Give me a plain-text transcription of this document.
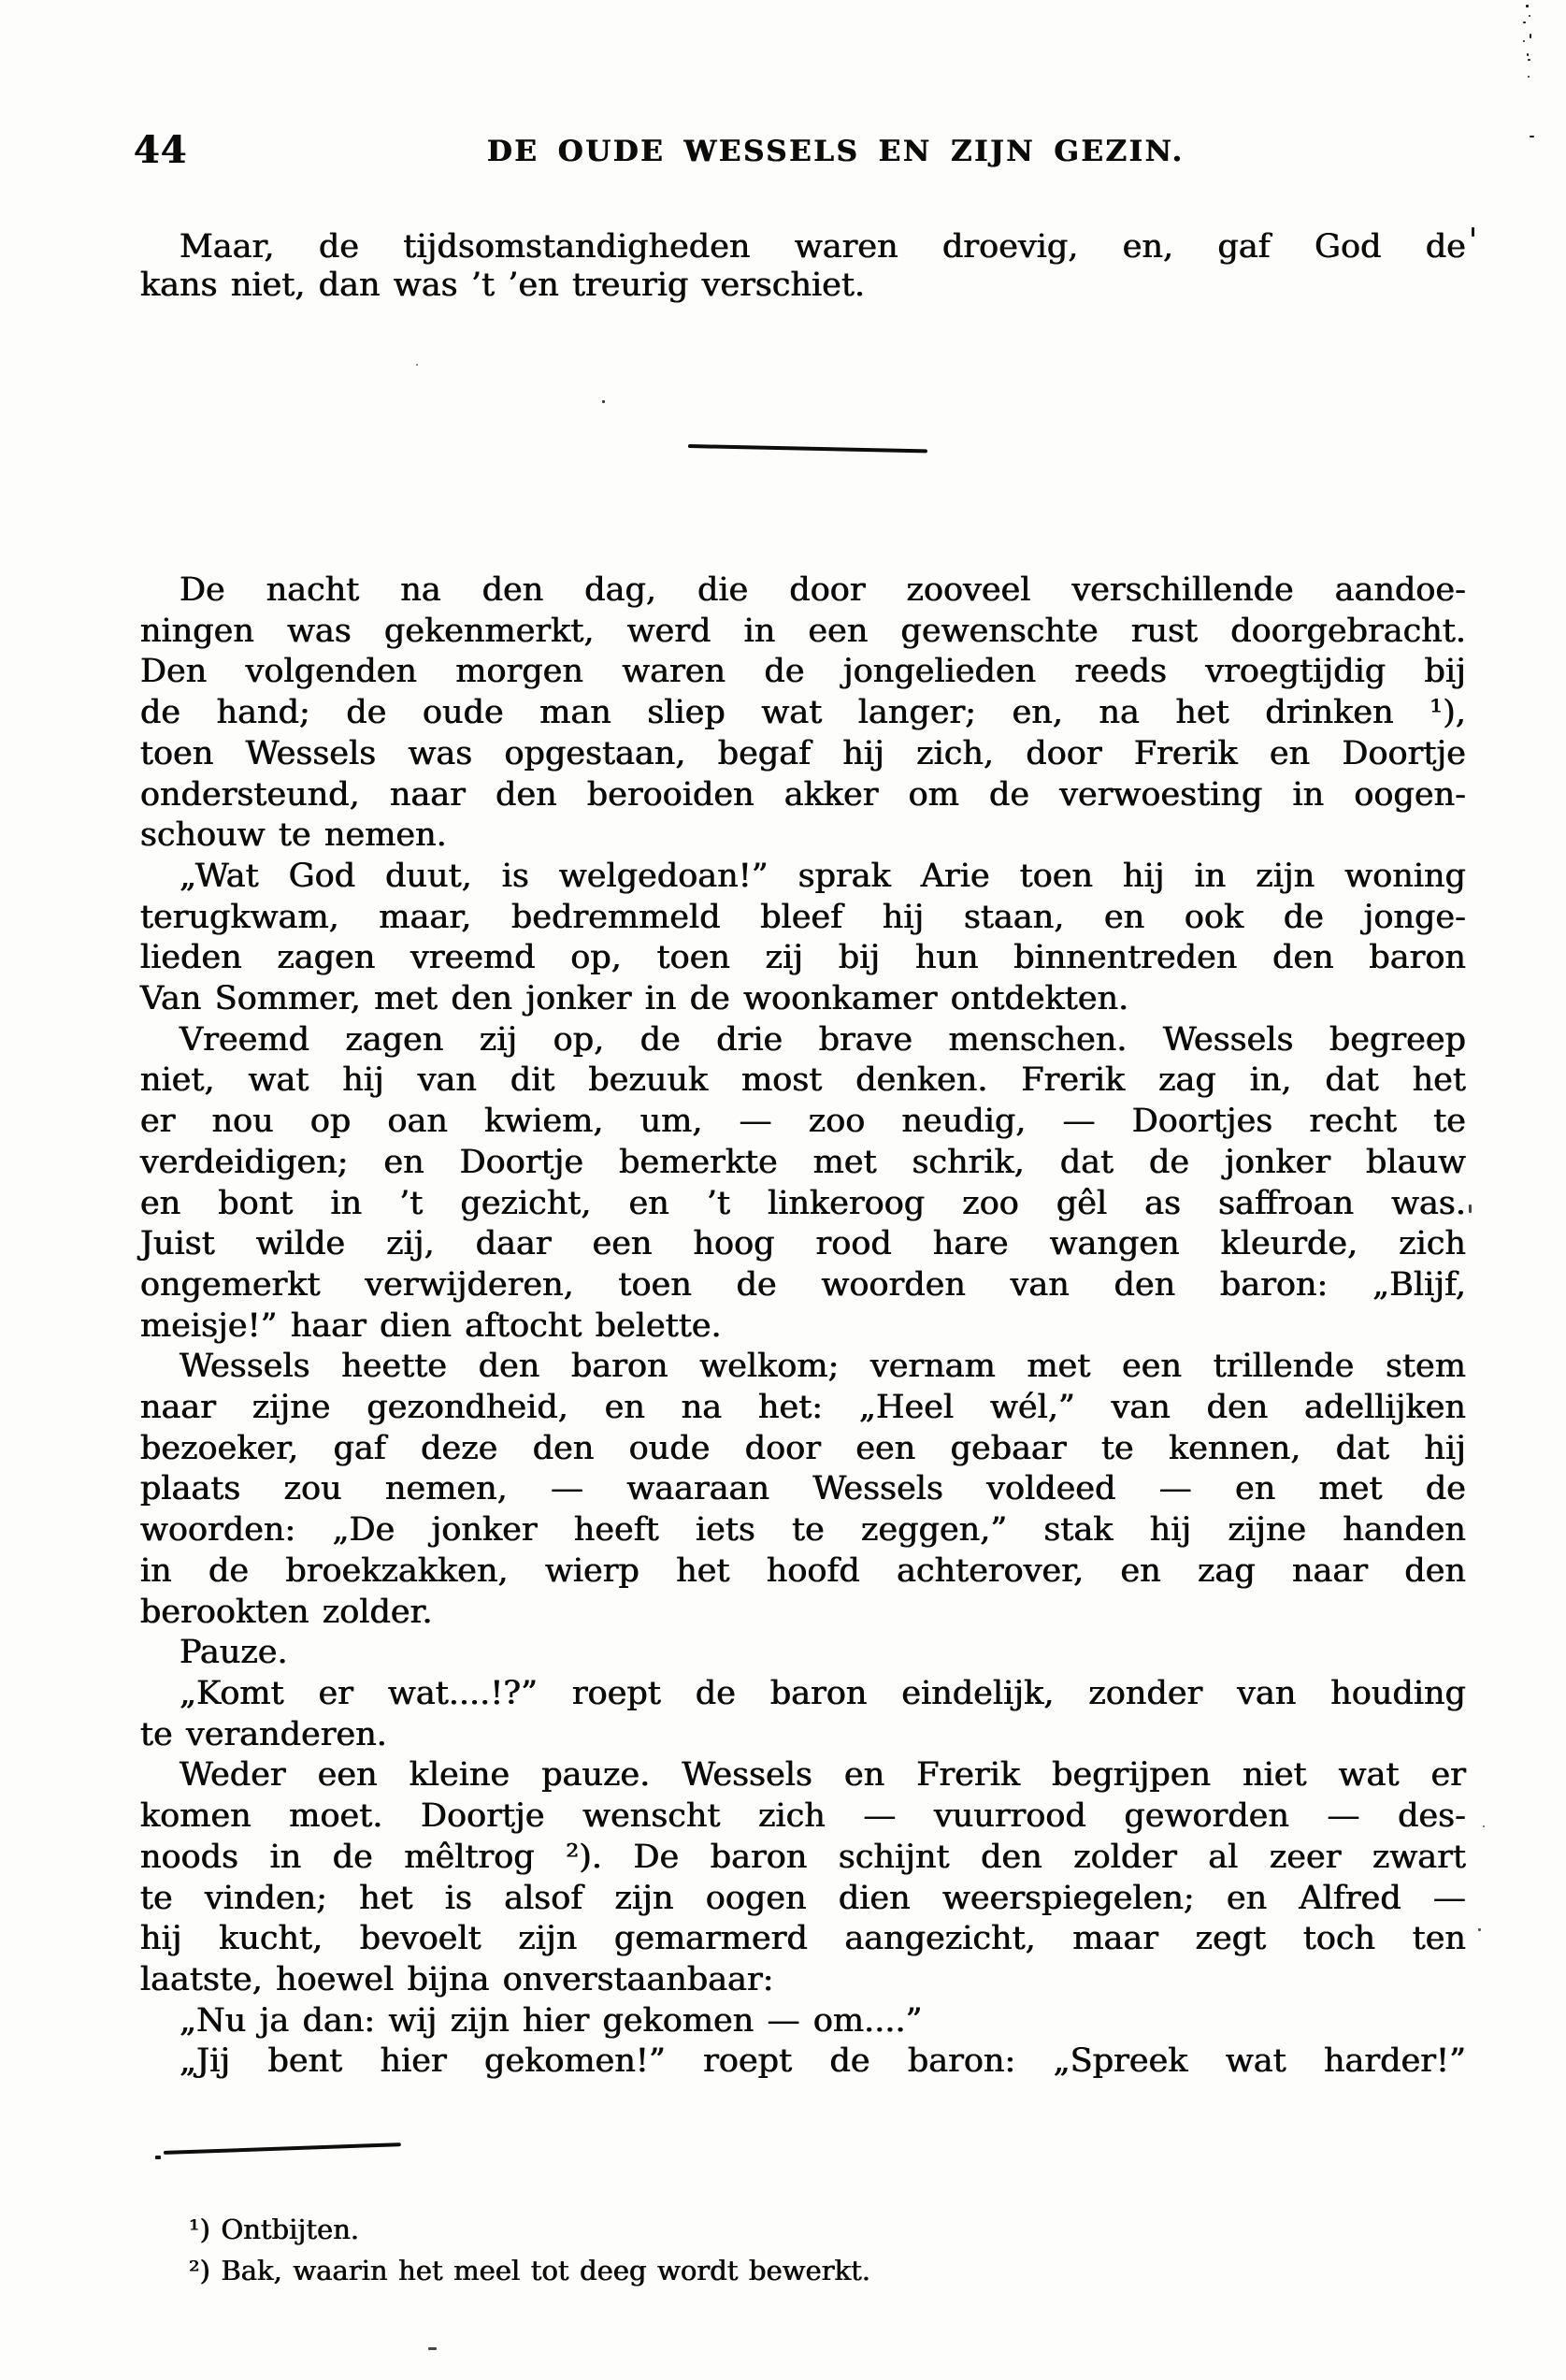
44	DE OUDE WESSELS EN ZIJN GEZIN.
Maar, de tijdsomstandigheden waren droevig, en, gaf God de
kans niet, dan was ’t ’en treurig verschiet.
De nacht na den dag, die door zooveel verschillende aandoe-
ningen was gekenmerkt, werd in een gewenschte rust doorgebracht.
Den volgenden morgen waren de jongelieden reeds vroegtijdig bij
de hand; de oude man sliep wat langer; en, na het drinken ¹),
toen Wessels was opgestaan, begaf hij zich, door Frerik en Doortje
ondersteund, naar den berooiden akker om de verwoesting in oogen-
schouw te nemen.
„Wat God duut, is welgedoan!” sprak Arie toen hij in zijn woning
terugkwam, maar, bedremmeld bleef hij staan, en ook de jonge-
lieden zagen vreemd op, toen zij bij hun binnentreden den baron
Van Sommer, met den jonker in de woonkamer ontdekten.
Vreemd zagen zij op, de drie brave menschen. Wessels begreep
niet, wat hij van dit bezuuk most denken. Frerik zag in, dat het
er nou op oan kwiem, um, — zoo neudig, — Doortjes recht te
verdeidigen; en Doortje bemerkte met schrik, dat de jonker blauw
en bont in ’t gezicht, en ’t linkeroog zoo gêl as saffroan was.
Juist wilde zij, daar een hoog rood hare wangen kleurde, zich
ongemerkt verwijderen, toen de woorden van den baron: „Blijf,
meisje!” haar dien aftocht belette.
Wessels heette den baron welkom; vernam met een trillende stem
naar zijne gezondheid, en na het: „Heel wél,” van den adellijken
bezoeker, gaf deze den oude door een gebaar te kennen, dat hij
plaats zou nemen, — waaraan Wessels voldeed — en met de
woorden: „De jonker heeft iets te zeggen,” stak hij zijne handen
in de broekzakken, wierp het hoofd achterover, en zag naar den
berookten zolder.
Pauze.
„Komt er wat....!?” roept de baron eindelijk, zonder van houding
te veranderen.
Weder een kleine pauze. Wessels en Frerik begrijpen niet wat er
komen moet. Doortje wenscht zich — vuurrood geworden — des-
noods in de mêltrog ²). De baron schijnt den zolder al zeer zwart
te vinden; het is alsof zijn oogen dien weerspiegelen; en Alfred —
hij kucht, bevoelt zijn gemarmerd aangezicht, maar zegt toch ten
laatste, hoewel bijna onverstaanbaar:
„Nu ja dan: wij zijn hier gekomen — om....”
„Jij bent hier gekomen!” roept de baron: „Spreek wat harder!”
¹) Ontbijten.
²) Bak, waarin het meel tot deeg wordt bewerkt.
